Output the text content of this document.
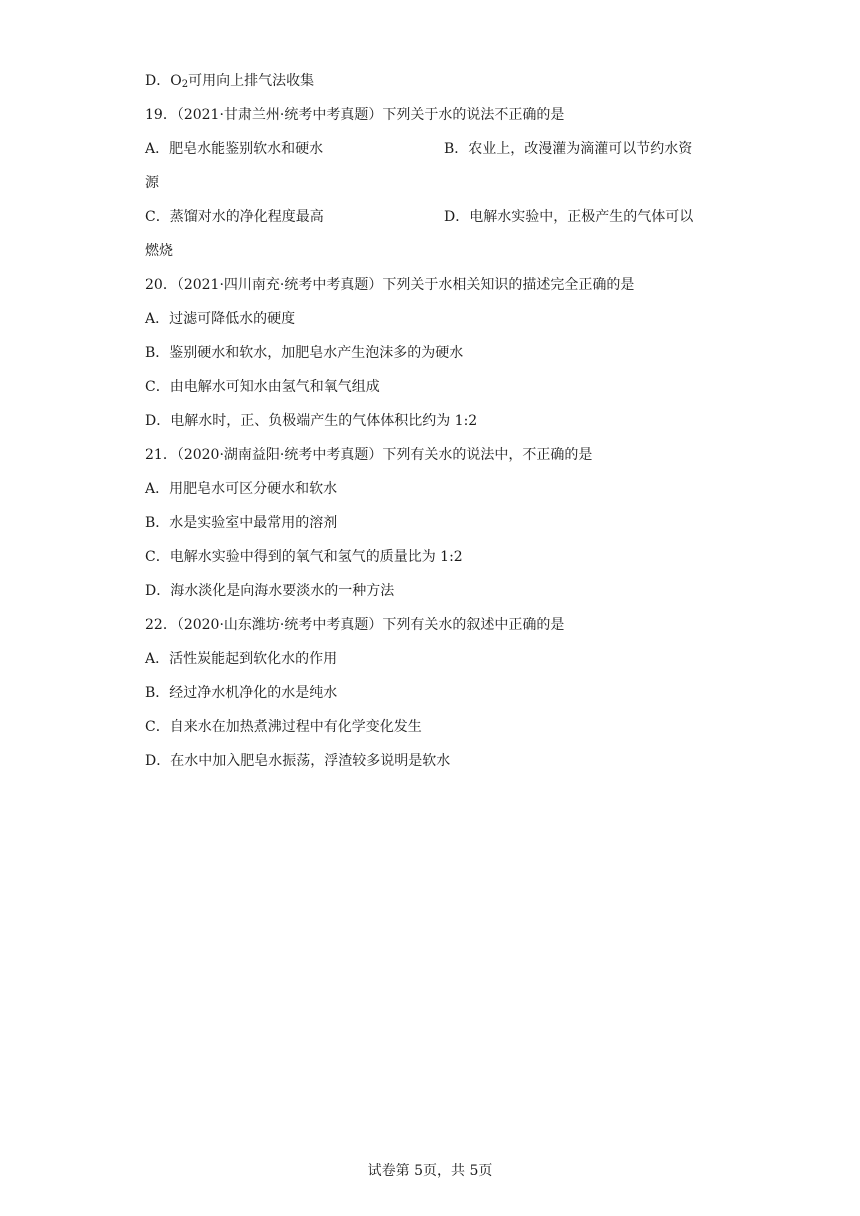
D．$O_2$可用向上排气法收集
19．（2021·甘肃兰州·统考中考真题）下列关于水的说法不正确的是
A．肥皂水能鉴别软水和硬水	B．农业上，改漫灌为滴灌可以节约水资
源
C．蒸馏对水的净化程度最高	D．电解水实验中，正极产生的气体可以
燃烧
20．（2021·四川南充·统考中考真题）下列关于水相关知识的描述完全正确的是
A．过滤可降低水的硬度
B．鉴别硬水和软水，加肥皂水产生泡沫多的为硬水
C．由电解水可知水由氢气和氧气组成
D．电解水时，正、负极端产生的气体体积比约为 1:2
21．（2020·湖南益阳·统考中考真题）下列有关水的说法中，不正确的是
A．用肥皂水可区分硬水和软水
B．水是实验室中最常用的溶剂
C．电解水实验中得到的氧气和氢气的质量比为 1:2
D．海水淡化是向海水要淡水的一种方法
22．（2020·山东潍坊·统考中考真题）下列有关水的叙述中正确的是
A．活性炭能起到软化水的作用
B．经过净水机净化的水是纯水
C．自来水在加热煮沸过程中有化学变化发生
D．在水中加入肥皂水振荡，浮渣较多说明是软水
试卷第 5页，共 5页
